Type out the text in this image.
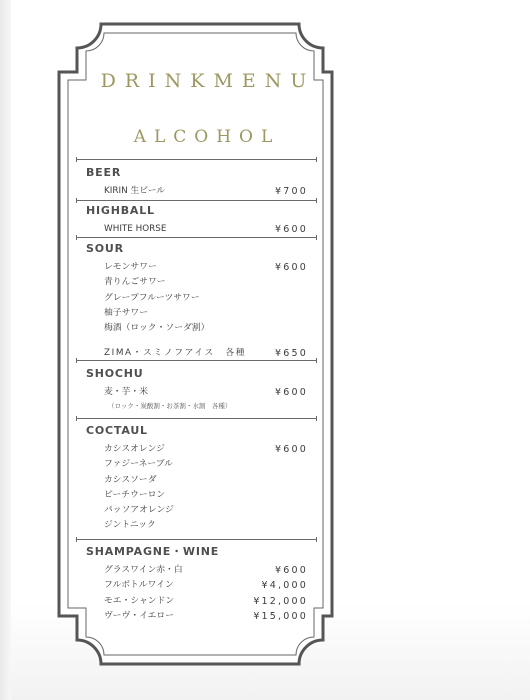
DRINKMENU
ALCOHOL
BEER
KIRIN 生ビール	¥700
HIGHBALL
WHITE HORSE	¥600
SOUR
レモンサワー	¥600
青りんごサワー
グレープフルーツサワー
柚子サワー
梅酒（ロック・ソーダ割）
ZIMA・スミノフアイス　各種	¥650
SHOCHU
麦・芋・米	¥600
（ロック・炭酸割・お茶割・水割　各種）
COCTAUL
カシスオレンジ	¥600
ファジーネーブル
カシスソーダ
ピーチウーロン
パッソアオレンジ
ジントニック
SHAMPAGNE・WINE
グラスワイン赤・白	¥600
フルボトルワイン	¥4,000
モエ・シャンドン	¥12,000
ヴーヴ・イエロー	¥15,000
